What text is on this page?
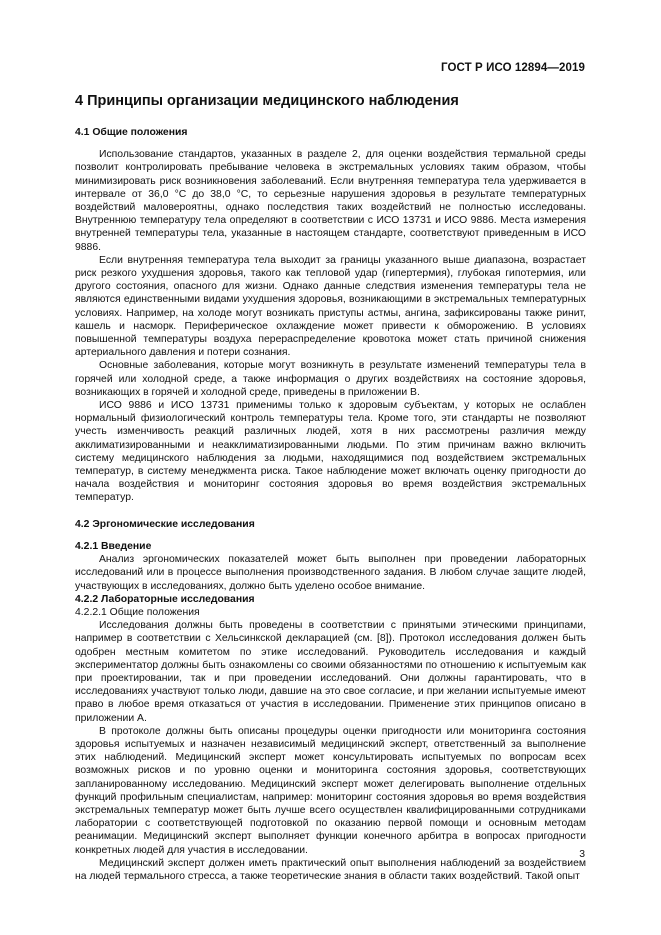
ГОСТ Р ИСО 12894—2019
4 Принципы организации медицинского наблюдения
4.1 Общие положения

Использование стандартов, указанных в разделе 2, для оценки воздействия термальной среды позволит контролировать пребывание человека в экстремальных условиях таким образом, чтобы минимизировать риск возникновения заболеваний. Если внутренняя температура тела удерживается в интервале от 36,0 °С до 38,0 °С, то серьезные нарушения здоровья в результате температурных воздействий маловероятны, однако последствия таких воздействий не полностью исследованы. Внутреннюю температуру тела определяют в соответствии с ИСО 13731 и ИСО 9886. Места измерения внутренней температуры тела, указанные в настоящем стандарте, соответствуют приведенным в ИСО 9886.

Если внутренняя температура тела выходит за границы указанного выше диапазона, возрастает риск резкого ухудшения здоровья, такого как тепловой удар (гипертермия), глубокая гипотермия, или другого состояния, опасного для жизни. Однако данные следствия изменения температуры тела не являются единственными видами ухудшения здоровья, возникающими в экстремальных температурных условиях. Например, на холоде могут возникать приступы астмы, ангина, зафиксированы также ринит, кашель и насморк. Периферическое охлаждение может привести к обморожению. В условиях повышенной температуры воздуха перераспределение кровотока может стать причиной снижения артериального давления и потери сознания.

Основные заболевания, которые могут возникнуть в результате изменений температуры тела в горячей или холодной среде, а также информация о других воздействиях на состояние здоровья, возникающих в горячей и холодной среде, приведены в приложении В.

ИСО 9886 и ИСО 13731 применимы только к здоровым субъектам, у которых не ослаблен нормальный физиологический контроль температуры тела. Кроме того, эти стандарты не позволяют учесть изменчивость реакций различных людей, хотя в них рассмотрены различия между акклиматизированными и неакклиматизированными людьми. По этим причинам важно включить систему медицинского наблюдения за людьми, находящимися под воздействием экстремальных температур, в систему менеджмента риска. Такое наблюдение может включать оценку пригодности до начала воздействия и мониторинг состояния здоровья во время воздействия экстремальных температур.

4.2 Эргономические исследования
4.2.1 Введение

Анализ эргономических показателей может быть выполнен при проведении лабораторных исследований или в процессе выполнения производственного задания. В любом случае защите людей, участвующих в исследованиях, должно быть уделено особое внимание.

4.2.2 Лабораторные исследования

4.2.2.1 Общие положения

Исследования должны быть проведены в соответствии с принятыми этическими принципами, например в соответствии с Хельсинкской декларацией (см. [8]). Протокол исследования должен быть одобрен местным комитетом по этике исследований. Руководитель исследования и каждый экспериментатор должны быть ознакомлены со своими обязанностями по отношению к испытуемым как при проектировании, так и при проведении исследований. Они должны гарантировать, что в исследованиях участвуют только люди, давшие на это свое согласие, и при желании испытуемые имеют право в любое время отказаться от участия в исследовании. Применение этих принципов описано в приложении А.

В протоколе должны быть описаны процедуры оценки пригодности или мониторинга состояния здоровья испытуемых и назначен независимый медицинский эксперт, ответственный за выполнение этих наблюдений. Медицинский эксперт может консультировать испытуемых по вопросам всех возможных рисков и по уровню оценки и мониторинга состояния здоровья, соответствующих запланированному исследованию. Медицинский эксперт может делегировать выполнение отдельных функций профильным специалистам, например: мониторинг состояния здоровья во время воздействия экстремальных температур может быть лучше всего осуществлен квалифицированными сотрудниками лаборатории с соответствующей подготовкой по оказанию первой помощи и основным методам реанимации. Медицинский эксперт выполняет функции конечного арбитра в вопросах пригодности конкретных людей для участия в исследовании.

Медицинский эксперт должен иметь практический опыт выполнения наблюдений за воздействием на людей термального стресса, а также теоретические знания в области таких воздействий. Такой опыт

3
